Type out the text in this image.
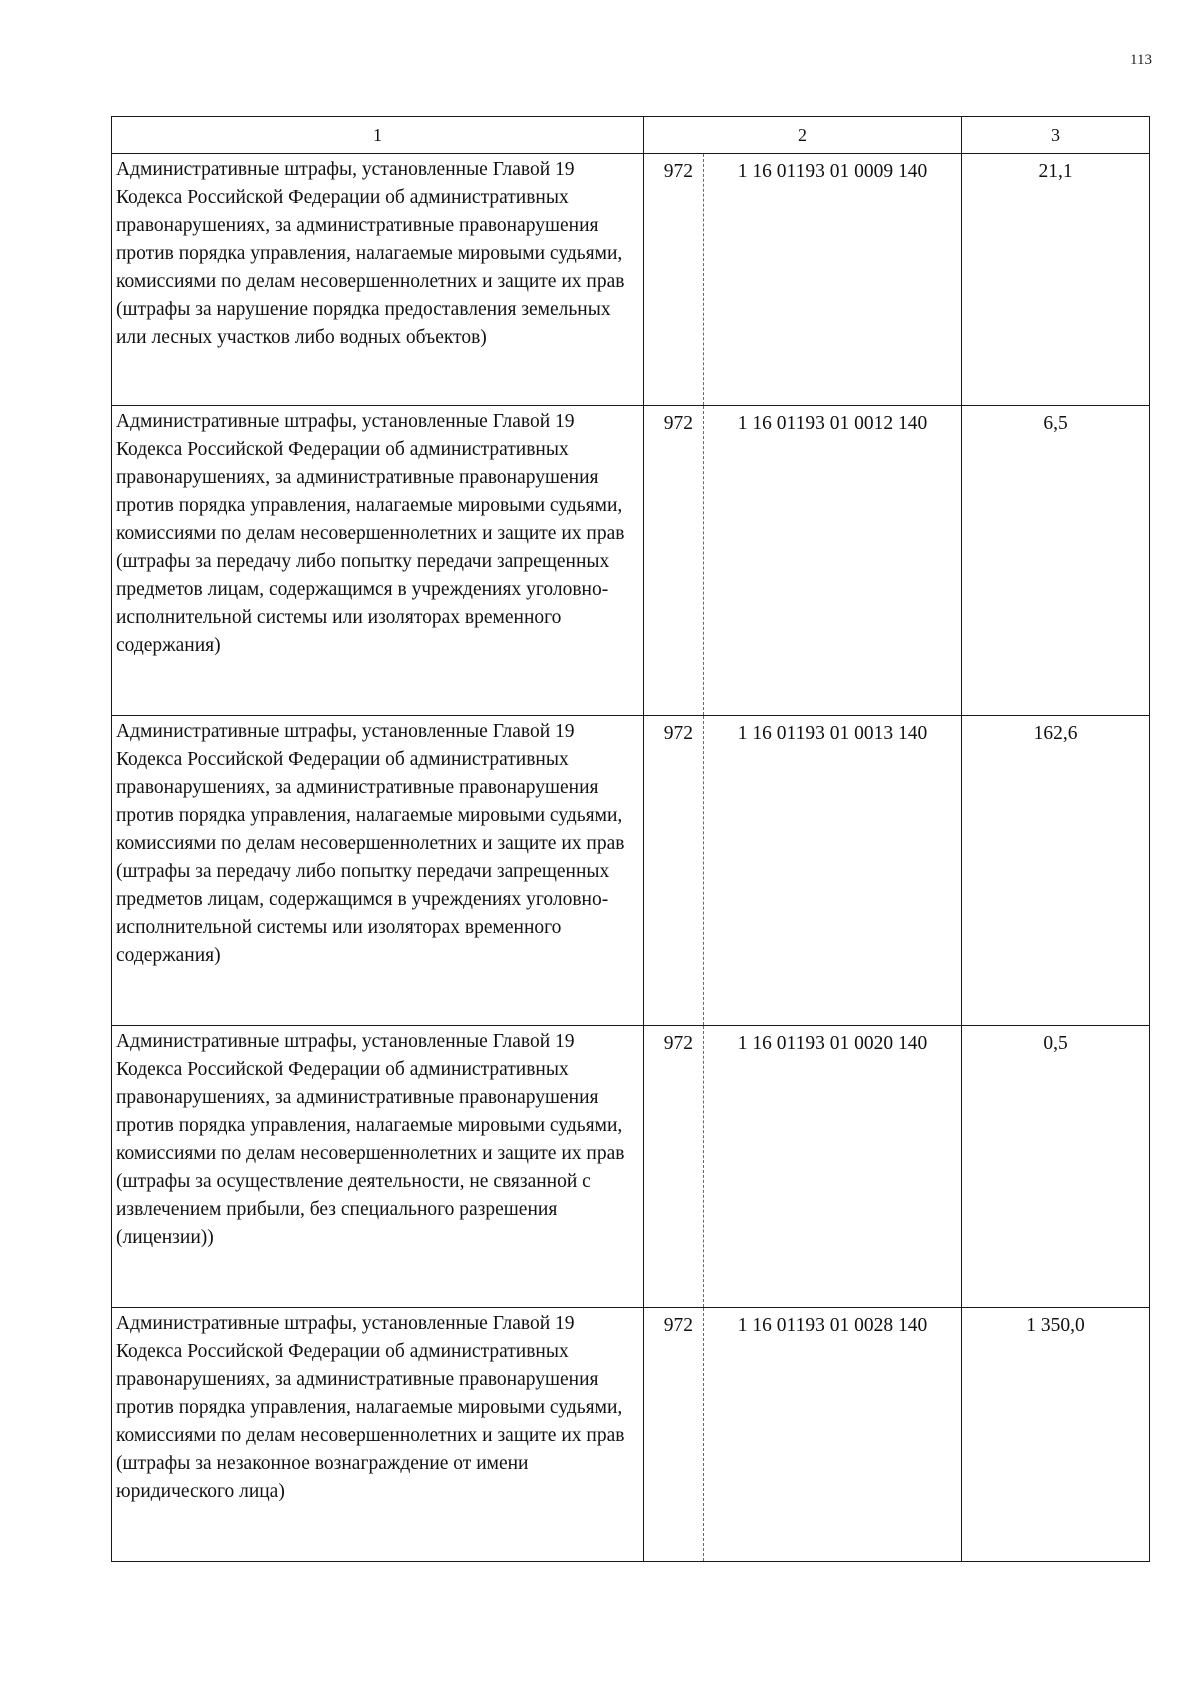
113
1	2		3
Административные штрафы, установленные Главой 19 Кодекса Российской Федерации об административных правонарушениях, за административные правонарушения против порядка управления, налагаемые мировыми судьями, комиссиями по делам несовершеннолетних и защите их прав (штрафы за нарушение порядка предоставления земельных или лесных участков либо водных объектов)	972	1 16 01193 01 0009 140	21,1
Административные штрафы, установленные Главой 19 Кодекса Российской Федерации об административных правонарушениях, за административные правонарушения против порядка управления, налагаемые мировыми судьями, комиссиями по делам несовершеннолетних и защите их прав (штрафы за передачу либо попытку передачи запрещенных предметов лицам, содержащимся в учреждениях уголовно-исполнительной системы или изоляторах временного содержания)	972	1 16 01193 01 0012 140	6,5
Административные штрафы, установленные Главой 19 Кодекса Российской Федерации об административных правонарушениях, за административные правонарушения против порядка управления, налагаемые мировыми судьями, комиссиями по делам несовершеннолетних и защите их прав (штрафы за передачу либо попытку передачи запрещенных предметов лицам, содержащимся в учреждениях уголовно-исполнительной системы или изоляторах временного содержания)	972	1 16 01193 01 0013 140	162,6
Административные штрафы, установленные Главой 19 Кодекса Российской Федерации об административных правонарушениях, за административные правонарушения против порядка управления, налагаемые мировыми судьями, комиссиями по делам несовершеннолетних и защите их прав (штрафы за осуществление деятельности, не связанной с извлечением прибыли, без специального разрешения (лицензии))	972	1 16 01193 01 0020 140	0,5
Административные штрафы, установленные Главой 19 Кодекса Российской Федерации об административных правонарушениях, за административные правонарушения против порядка управления, налагаемые мировыми судьями, комиссиями по делам несовершеннолетних и защите их прав (штрафы за незаконное вознаграждение от имени юридического лица)	972	1 16 01193 01 0028 140	1 350,0
